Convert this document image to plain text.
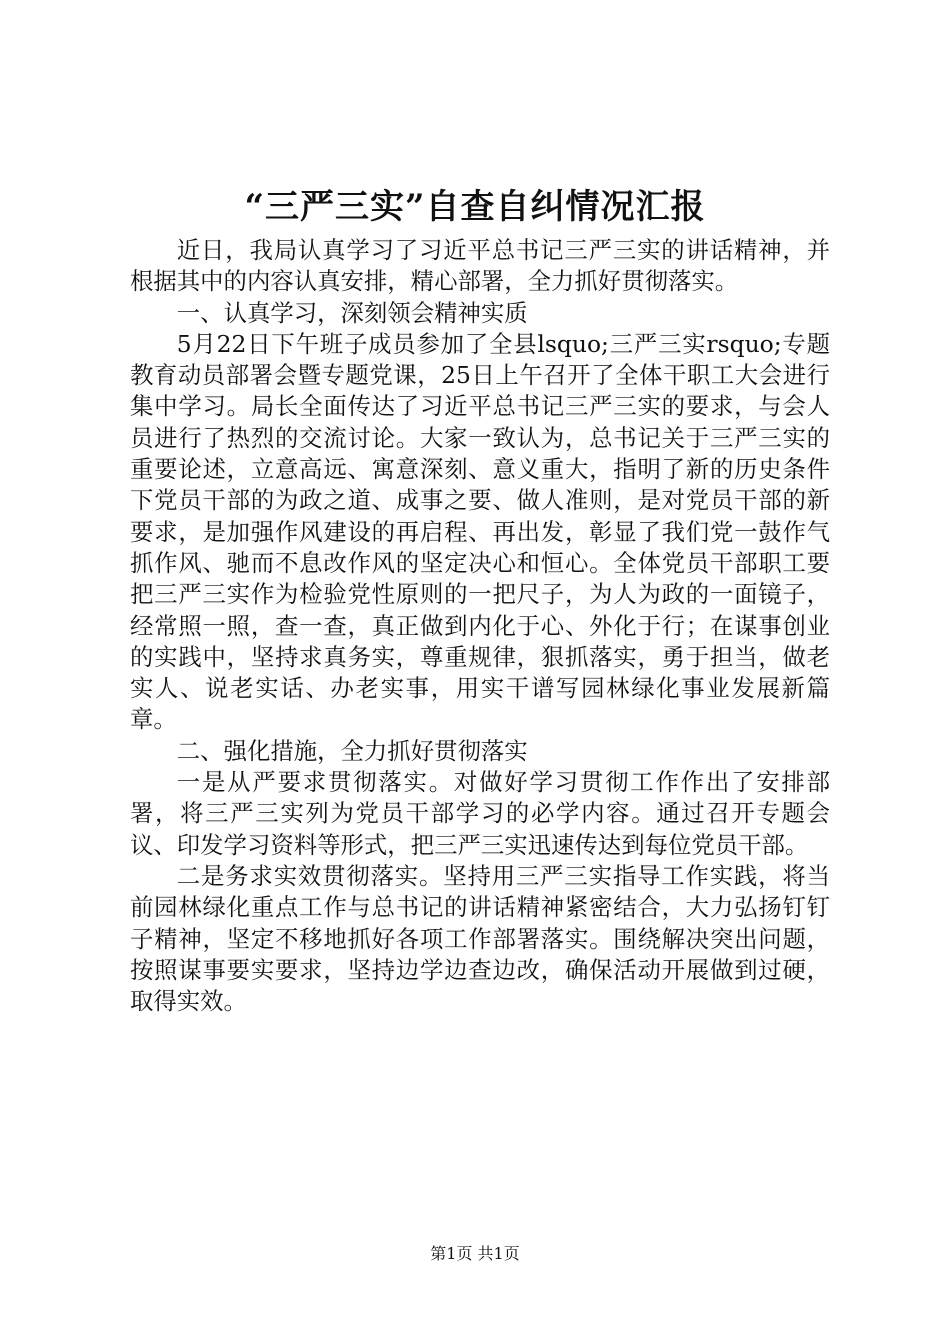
“三严三实”自查自纠情况汇报

近日，我局认真学习了习近平总书记三严三实的讲话精神，并根据其中的内容认真安排，精心部署，全力抓好贯彻落实。

一、认真学习，深刻领会精神实质

5月22日下午班子成员参加了全县lsquo;三严三实rsquo;专题教育动员部署会暨专题党课，25日上午召开了全体干职工大会进行集中学习。局长全面传达了习近平总书记三严三实的要求，与会人员进行了热烈的交流讨论。大家一致认为，总书记关于三严三实的重要论述，立意高远、寓意深刻、意义重大，指明了新的历史条件下党员干部的为政之道、成事之要、做人准则，是对党员干部的新要求，是加强作风建设的再启程、再出发，彰显了我们党一鼓作气抓作风、驰而不息改作风的坚定决心和恒心。全体党员干部职工要把三严三实作为检验党性原则的一把尺子，为人为政的一面镜子，经常照一照，查一查，真正做到内化于心、外化于行；在谋事创业的实践中，坚持求真务实，尊重规律，狠抓落实，勇于担当，做老实人、说老实话、办老实事，用实干谱写园林绿化事业发展新篇章。

二、强化措施，全力抓好贯彻落实

一是从严要求贯彻落实。对做好学习贯彻工作作出了安排部署，将三严三实列为党员干部学习的必学内容。通过召开专题会议、印发学习资料等形式，把三严三实迅速传达到每位党员干部。

二是务求实效贯彻落实。坚持用三严三实指导工作实践，将当前园林绿化重点工作与总书记的讲话精神紧密结合，大力弘扬钉钉子精神，坚定不移地抓好各项工作部署落实。围绕解决突出问题，按照谋事要实要求，坚持边学边查边改，确保活动开展做到过硬，取得实效。

第1页 共1页
